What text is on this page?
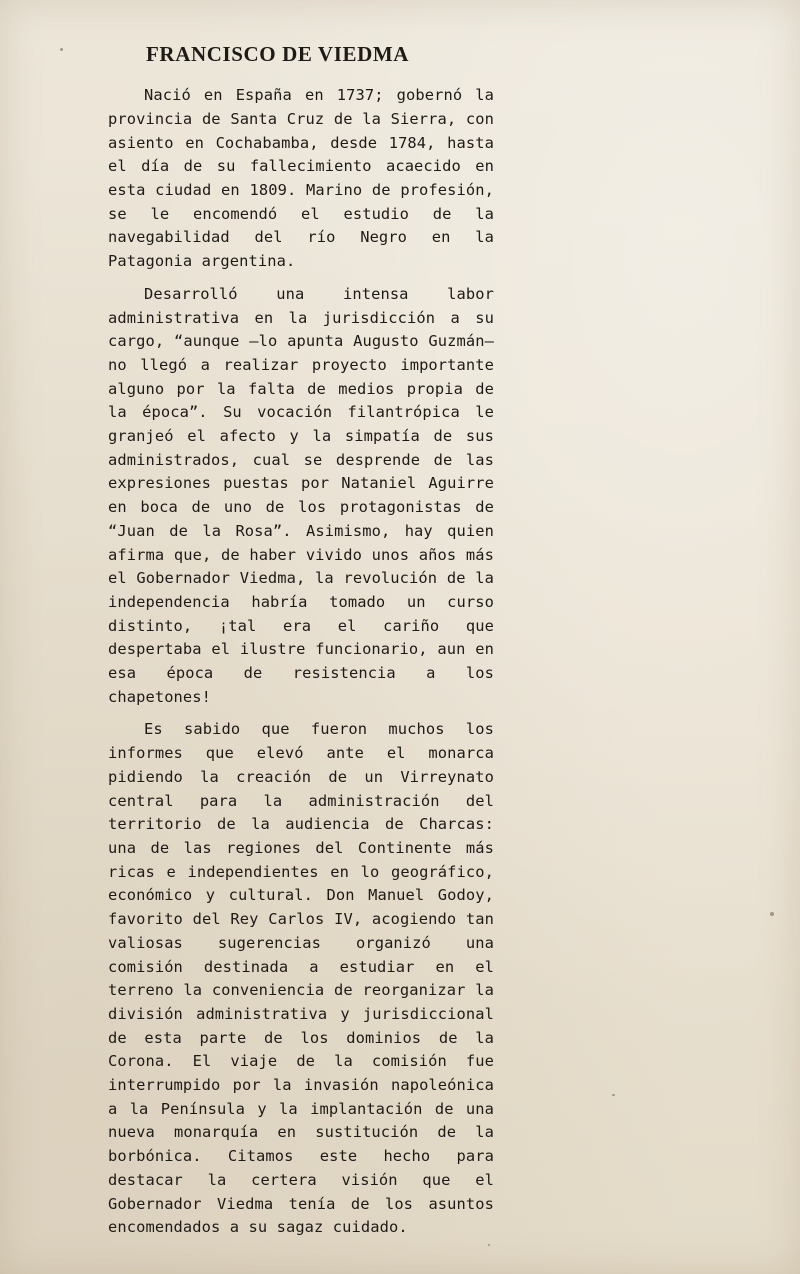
FRANCISCO DE VIEDMA

Nació en España en 1737; gobernó la provincia de Santa Cruz de la Sierra, con asiento en Cochabamba, desde 1784, hasta el día de su fallecimiento acaecido en esta ciudad en 1809. Marino de profesión, se le encomendó el estudio de la navegabilidad del río Negro en la Patagonia argentina.

Desarrolló una intensa labor administrativa en la jurisdicción a su cargo, “aunque —lo apunta Augusto Guzmán— no llegó a realizar proyecto importante alguno por la falta de medios propia de la época”. Su vocación filantrópica le granjeó el afecto y la simpatía de sus administrados, cual se desprende de las expresiones puestas por Nataniel Aguirre en boca de uno de los protagonistas de “Juan de la Rosa”. Asimismo, hay quien afirma que, de haber vivido unos años más el Gobernador Viedma, la revolución de la independencia habría tomado un curso distinto, ¡tal era el cariño que despertaba el ilustre funcionario, aun en esa época de resistencia a los chapetones!

Es sabido que fueron muchos los informes que elevó ante el monarca pidiendo la creación de un Virreynato central para la administración del territorio de la audiencia de Charcas: una de las regiones del Continente más ricas e independientes en lo geográfico, económico y cultural. Don Manuel Godoy, favorito del Rey Carlos IV, acogiendo tan valiosas sugerencias organizó una comisión destinada a estudiar en el terreno la conveniencia de reorganizar la división administrativa y jurisdiccional de esta parte de los dominios de la Corona. El viaje de la comisión fue interrumpido por la invasión napoleónica a la Península y la implantación de una nueva monarquía en sustitución de la borbónica. Citamos este hecho para destacar la certera visión que el Gobernador Viedma tenía de los asuntos encomendados a su sagaz cuidado.
